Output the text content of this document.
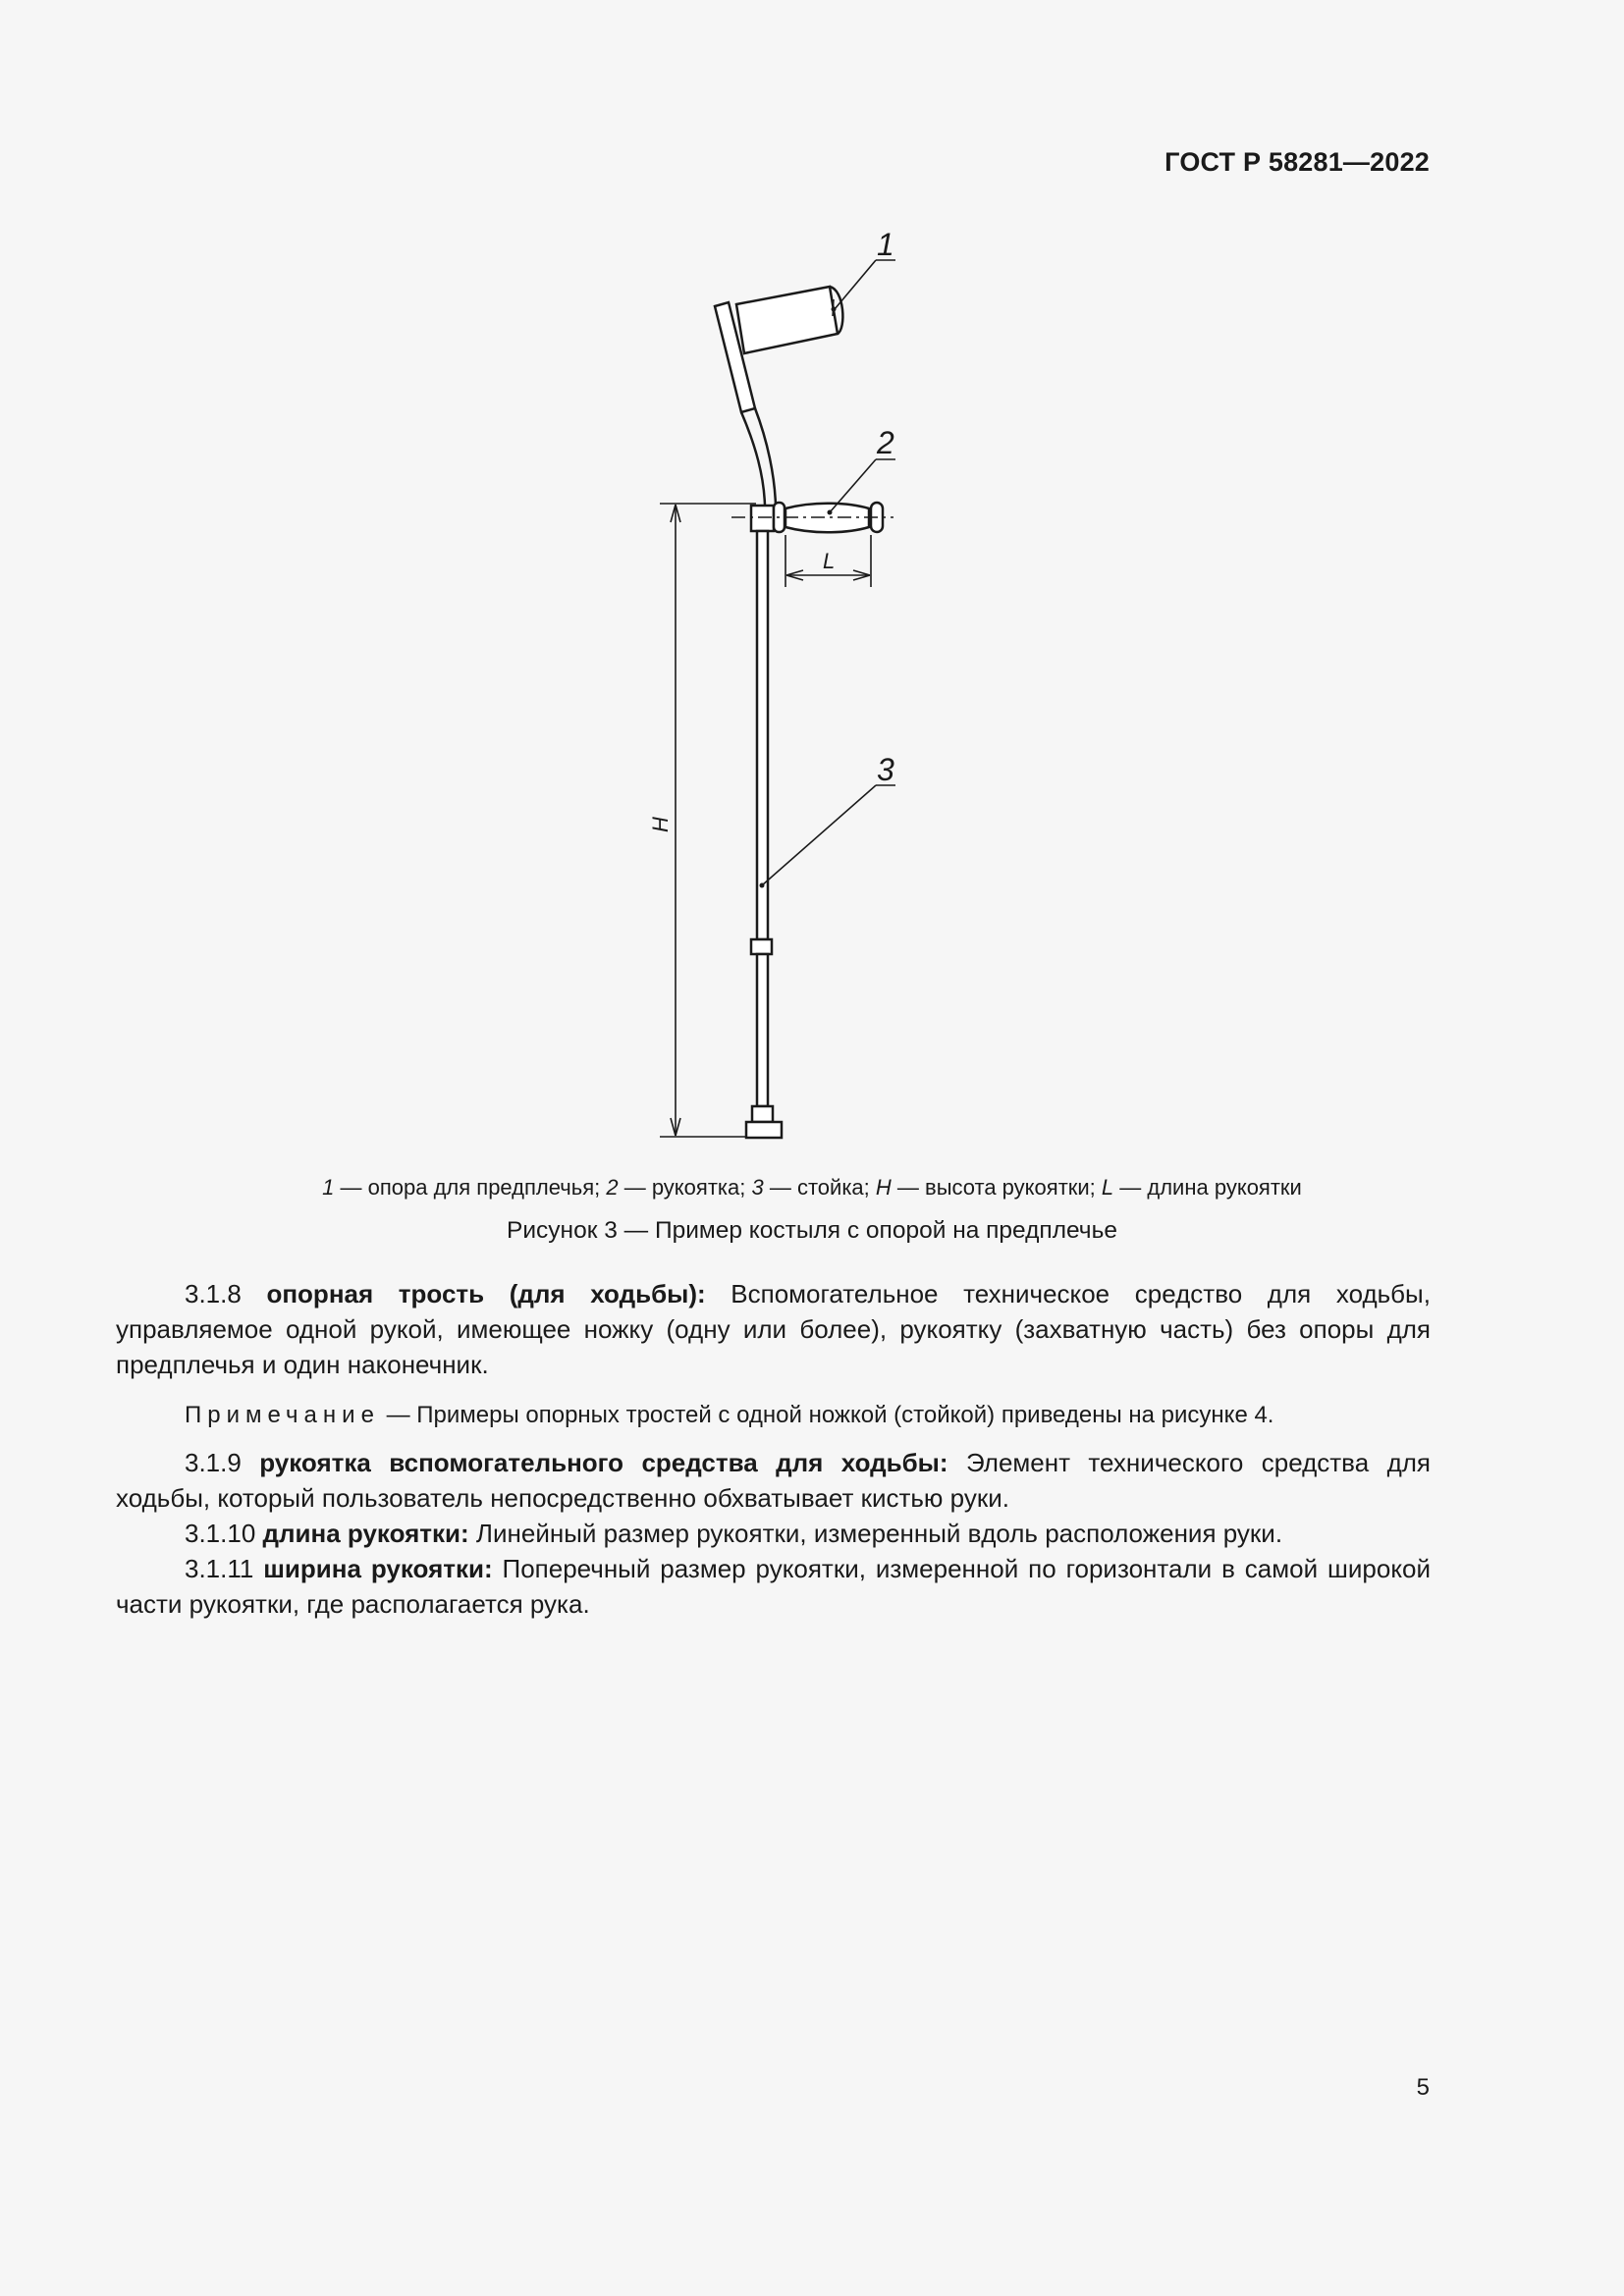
ГОСТ Р 58281—2022
1
2
3
L
H
1 — опора для предплечья; 2 — рукоятка; 3 — стойка; H — высота рукоятки; L — длина рукоятки
Рисунок 3 — Пример костыля с опорой на предплечье

3.1.8 опорная трость (для ходьбы): Вспомогательное техническое средство для ходьбы, управляемое одной рукой, имеющее ножку (одну или более), рукоятку (захватную часть) без опоры для предплечья и один наконечник.

Примечание — Примеры опорных тростей с одной ножкой (стойкой) приведены на рисунке 4.

3.1.9 рукоятка вспомогательного средства для ходьбы: Элемент технического средства для ходьбы, который пользователь непосредственно обхватывает кистью руки.

3.1.10 длина рукоятки: Линейный размер рукоятки, измеренный вдоль расположения руки.

3.1.11 ширина рукоятки: Поперечный размер рукоятки, измеренной по горизонтали в самой широкой части рукоятки, где располагается рука.

5
